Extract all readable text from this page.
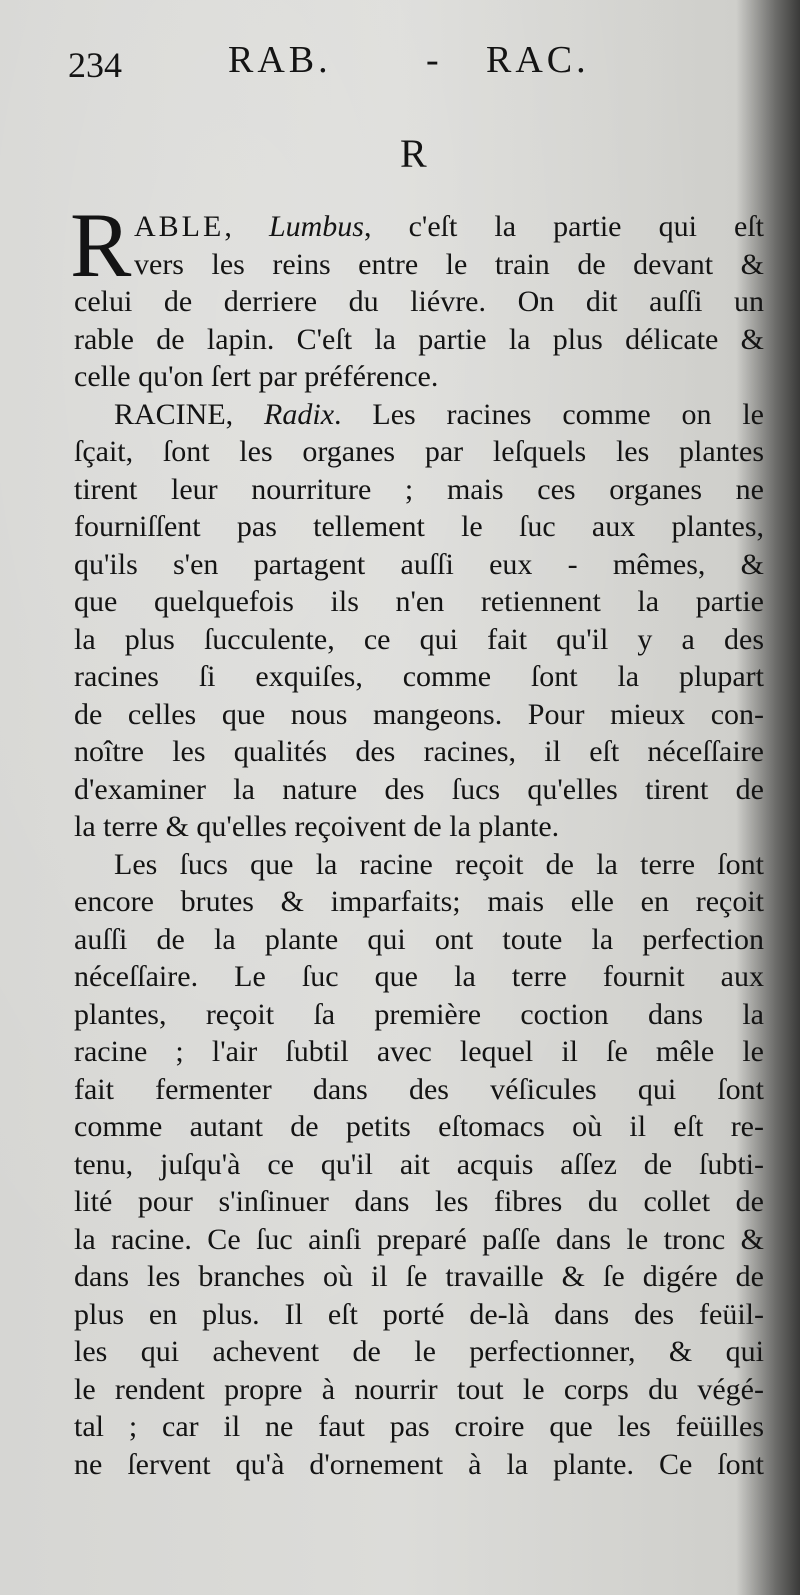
234	RAB. - RAC.
R
R ABLE, Lumbus, c'eſt la partie qui eſt
vers les reins entre le train de devant &
celui de derriere du liévre. On dit auſſi un
rable de lapin. C'eſt la partie la plus délicate &
celle qu'on ſert par préférence.
RACINE, Radix. Les racines comme on le
ſçait, ſont les organes par leſquels les plantes
tirent leur nourriture ; mais ces organes ne
fourniſſent pas tellement le ſuc aux plantes,
qu'ils s'en partagent auſſi eux - mêmes, &
que quelquefois ils n'en retiennent la partie
la plus ſucculente, ce qui fait qu'il y a des
racines ſi exquiſes, comme ſont la plupart
de celles que nous mangeons. Pour mieux con-
noître les qualités des racines, il eſt néceſſaire
d'examiner la nature des ſucs qu'elles tirent de
la terre & qu'elles reçoivent de la plante.
Les ſucs que la racine reçoit de la terre ſont
encore brutes & imparfaits; mais elle en reçoit
auſſi de la plante qui ont toute la perfection
néceſſaire. Le ſuc que la terre fournit aux
plantes, reçoit ſa première coction dans la
racine ; l'air ſubtil avec lequel il ſe mêle le
fait fermenter dans des véſicules qui ſont
comme autant de petits eſtomacs où il eſt re-
tenu, juſqu'à ce qu'il ait acquis aſſez de ſubti-
lité pour s'inſinuer dans les fibres du collet de
la racine. Ce ſuc ainſi preparé paſſe dans le tronc &
dans les branches où il ſe travaille & ſe digére de
plus en plus. Il eſt porté de-là dans des feüil-
les qui achevent de le perfectionner, & qui
le rendent propre à nourrir tout le corps du végé-
tal ; car il ne faut pas croire que les feüilles
ne ſervent qu'à d'ornement à la plante. Ce ſont
